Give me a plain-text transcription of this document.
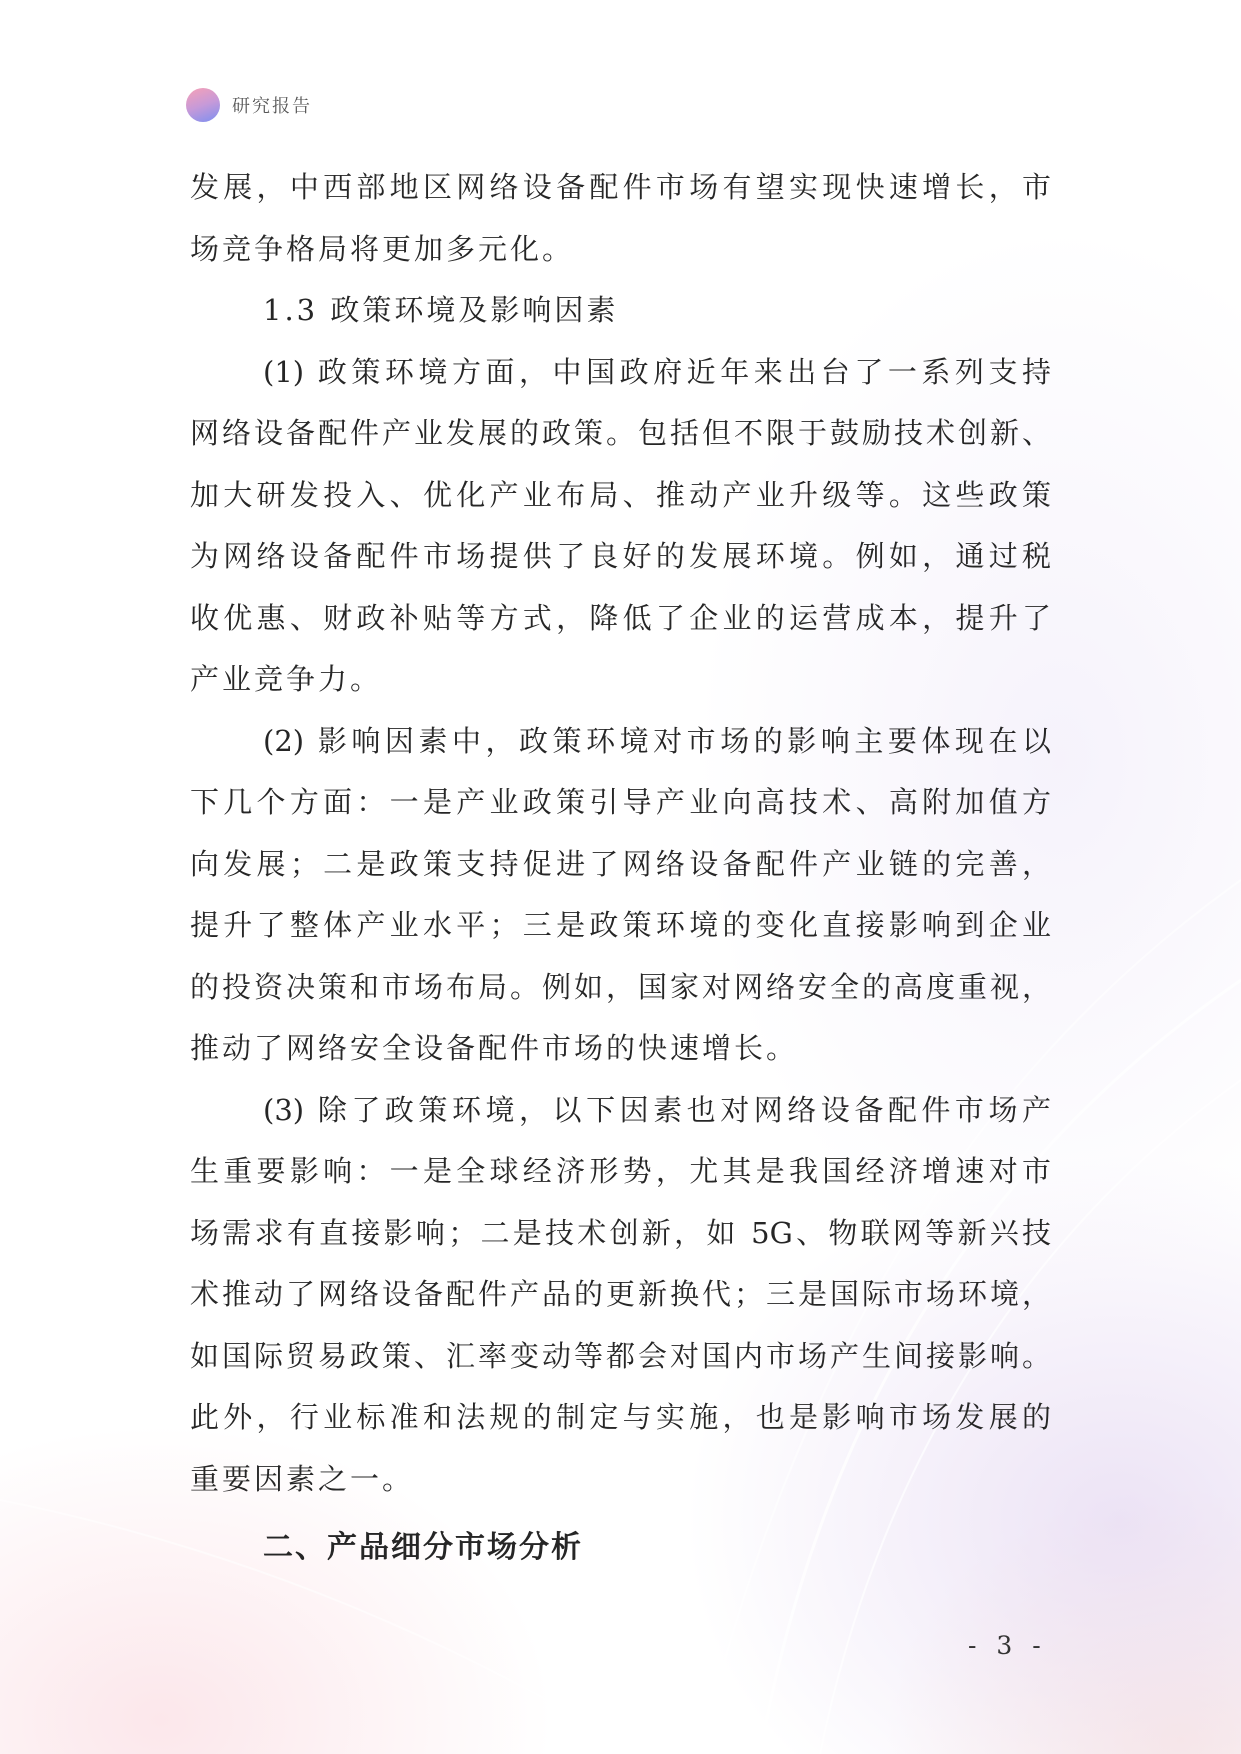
研究报告
发展，中西部地区网络设备配件市场有望实现快速增长，市
场竞争格局将更加多元化。
1.3 政策环境及影响因素
(1) 政策环境方面，中国政府近年来出台了一系列支持
网络设备配件产业发展的政策。包括但不限于鼓励技术创新、
加大研发投入、优化产业布局、推动产业升级等。这些政策
为网络设备配件市场提供了良好的发展环境。例如，通过税
收优惠、财政补贴等方式，降低了企业的运营成本，提升了
产业竞争力。
(2) 影响因素中，政策环境对市场的影响主要体现在以
下几个方面：一是产业政策引导产业向高技术、高附加值方
向发展；二是政策支持促进了网络设备配件产业链的完善，
提升了整体产业水平；三是政策环境的变化直接影响到企业
的投资决策和市场布局。例如，国家对网络安全的高度重视，
推动了网络安全设备配件市场的快速增长。
(3) 除了政策环境，以下因素也对网络设备配件市场产
生重要影响：一是全球经济形势，尤其是我国经济增速对市
场需求有直接影响；二是技术创新，如 5G、物联网等新兴技
术推动了网络设备配件产品的更新换代；三是国际市场环境，
如国际贸易政策、汇率变动等都会对国内市场产生间接影响。
此外，行业标准和法规的制定与实施，也是影响市场发展的
重要因素之一。
二、产品细分市场分析
- 3 -
